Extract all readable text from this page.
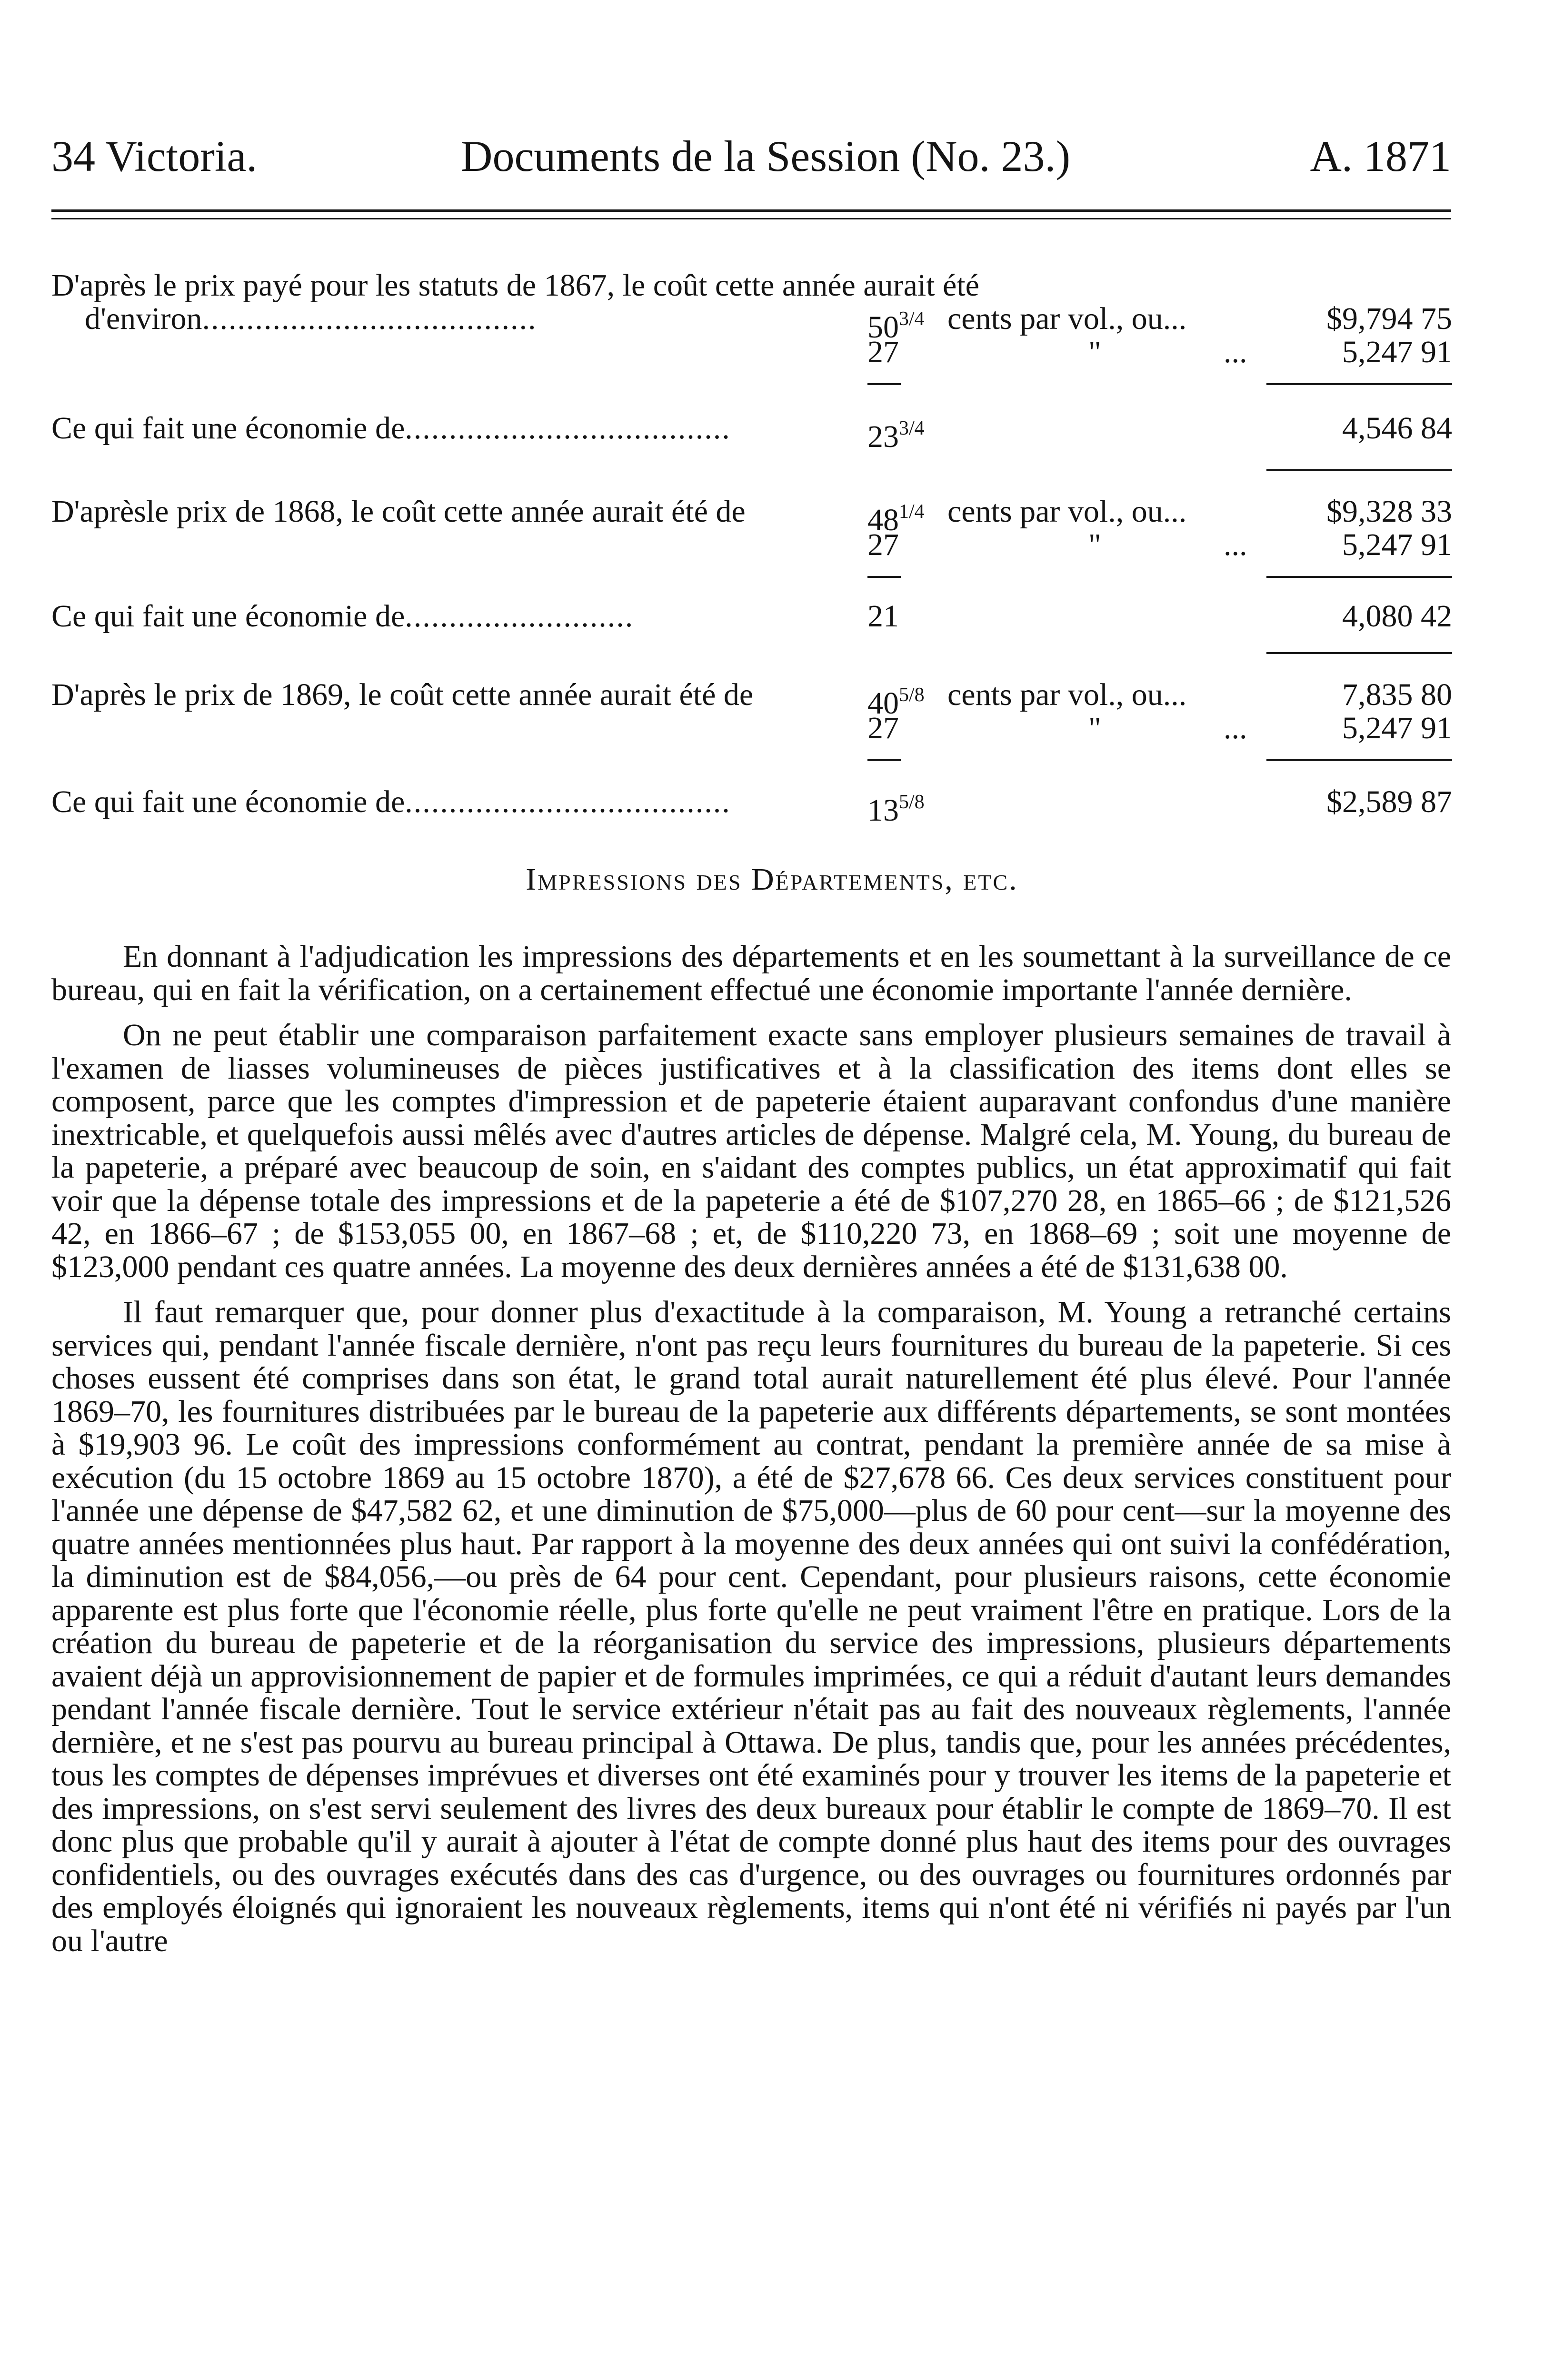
34 Victoria.	Documents de la Session (No. 23.)	A. 1871
D'après le prix payé pour les statuts de 1867, le coût cette année aurait été
d'environ......................................	$50^{3/4}$ cents par vol., ou...	$9,794 75
27	"	...	5,247 91
Ce qui fait une économie de.....................................	$23^{3/4}$	4,546 84
D'aprèsle prix de 1868, le coût cette année aurait été de	$48^{1/4}$ cents par vol., ou...	$9,328 33
27	"	...	5,247 91
Ce qui fait une économie de..........................	21	4,080 42
D'après le prix de 1869, le coût cette année aurait été de	$40^{5/8}$ cents par vol., ou...	7,835 80
27	"	...	5,247 91
Ce qui fait une économie de.....................................	$13^{5/8}$	$2,589 87
Impressions des Départements, etc.

En donnant à l'adjudication les impressions des départements et en les soumettant à la surveillance de ce bureau, qui en fait la vérification, on a certainement effectué une économie importante l'année dernière.

On ne peut établir une comparaison parfaitement exacte sans employer plusieurs semaines de travail à l'examen de liasses volumineuses de pièces justificatives et à la classification des items dont elles se composent, parce que les comptes d'impression et de papeterie étaient auparavant confondus d'une manière inextricable, et quelquefois aussi mêlés avec d'autres articles de dépense. Malgré cela, M. Young, du bureau de la papeterie, a préparé avec beaucoup de soin, en s'aidant des comptes publics, un état approximatif qui fait voir que la dépense totale des impressions et de la papeterie a été de $107,270 28, en 1865–66 ; de $121,526 42, en 1866–67 ; de $153,055 00, en 1867–68 ; et, de $110,220 73, en 1868–69 ; soit une moyenne de $123,000 pendant ces quatre années. La moyenne des deux dernières années a été de $131,638 00.

Il faut remarquer que, pour donner plus d'exactitude à la comparaison, M. Young a retranché certains services qui, pendant l'année fiscale dernière, n'ont pas reçu leurs fournitures du bureau de la papeterie. Si ces choses eussent été comprises dans son état, le grand total aurait naturellement été plus élevé. Pour l'année 1869–70, les fournitures distribuées par le bureau de la papeterie aux différents départements, se sont montées à $19,903 96. Le coût des impressions conformément au contrat, pendant la première année de sa mise à exécution (du 15 octobre 1869 au 15 octobre 1870), a été de $27,678 66. Ces deux services constituent pour l'année une dépense de $47,582 62, et une diminution de $75,000—plus de 60 pour cent—sur la moyenne des quatre années mentionnées plus haut. Par rapport à la moyenne des deux années qui ont suivi la confédération, la diminution est de $84,056,—ou près de 64 pour cent. Cependant, pour plusieurs raisons, cette économie apparente est plus forte que l'économie réelle, plus forte qu'elle ne peut vraiment l'être en pratique. Lors de la création du bureau de papeterie et de la réorganisation du service des impressions, plusieurs départements avaient déjà un approvisionnement de papier et de formules imprimées, ce qui a réduit d'autant leurs demandes pendant l'année fiscale dernière. Tout le service extérieur n'était pas au fait des nouveaux règlements, l'année dernière, et ne s'est pas pourvu au bureau principal à Ottawa. De plus, tandis que, pour les années précédentes, tous les comptes de dépenses imprévues et diverses ont été examinés pour y trouver les items de la papeterie et des impressions, on s'est servi seulement des livres des deux bureaux pour établir le compte de 1869–70. Il est donc plus que probable qu'il y aurait à ajouter à l'état de compte donné plus haut des items pour des ouvrages confidentiels, ou des ouvrages exécutés dans des cas d'urgence, ou des ouvrages ou fournitures ordonnés par des employés éloignés qui ignoraient les nouveaux règlements, items qui n'ont été ni vérifiés ni payés par l'un ou l'autre
